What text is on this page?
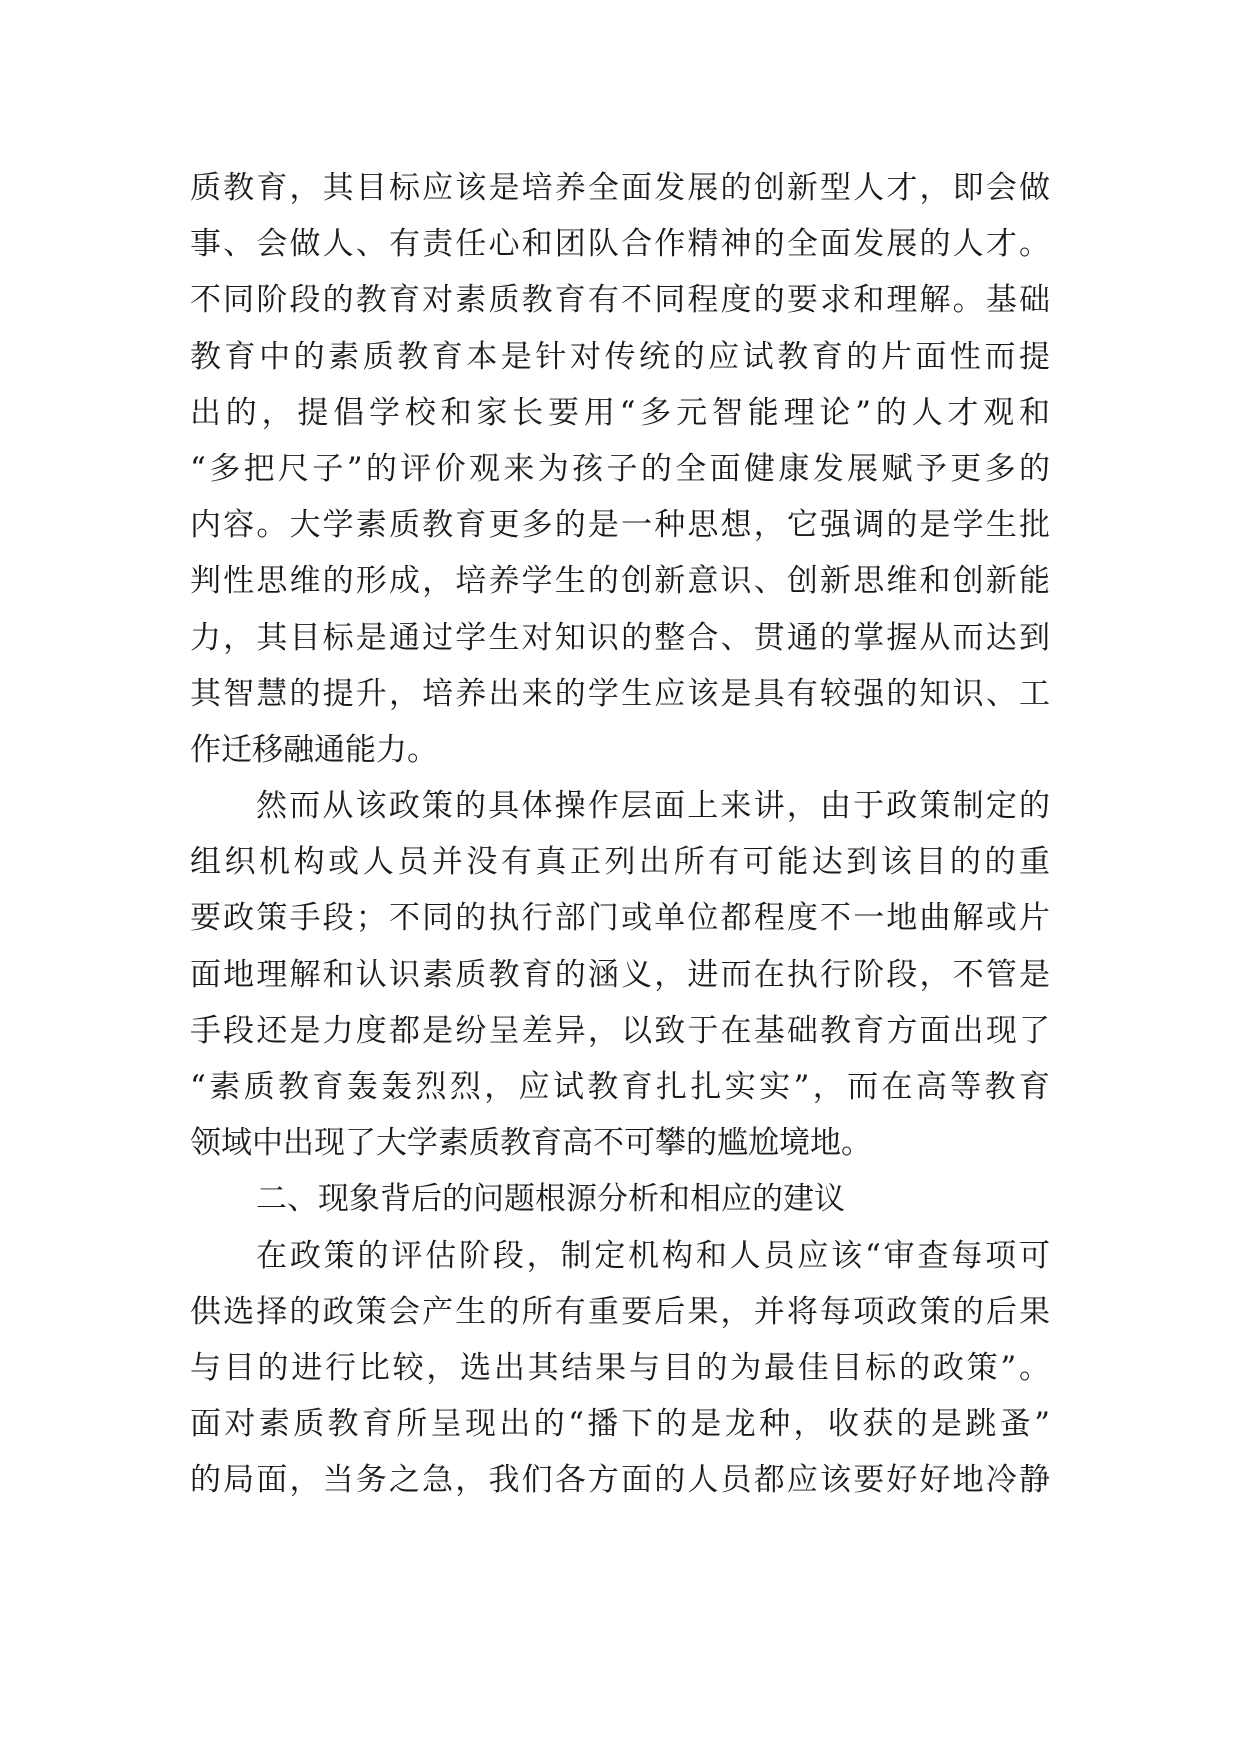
质教育，其目标应该是培养全面发展的创新型人才，即会做
事、会做人、有责任心和团队合作精神的全面发展的人才。
不同阶段的教育对素质教育有不同程度的要求和理解。基础
教育中的素质教育本是针对传统的应试教育的片面性而提
出的，提倡学校和家长要用“多元智能理论”的人才观和
“多把尺子”的评价观来为孩子的全面健康发展赋予更多的
内容。大学素质教育更多的是一种思想，它强调的是学生批
判性思维的形成，培养学生的创新意识、创新思维和创新能
力，其目标是通过学生对知识的整合、贯通的掌握从而达到
其智慧的提升，培养出来的学生应该是具有较强的知识、工
作迁移融通能力。
然而从该政策的具体操作层面上来讲，由于政策制定的
组织机构或人员并没有真正列出所有可能达到该目的的重
要政策手段；不同的执行部门或单位都程度不一地曲解或片
面地理解和认识素质教育的涵义，进而在执行阶段，不管是
手段还是力度都是纷呈差异，以致于在基础教育方面出现了
“素质教育轰轰烈烈，应试教育扎扎实实”，而在高等教育
领域中出现了大学素质教育高不可攀的尴尬境地。
二、现象背后的问题根源分析和相应的建议
在政策的评估阶段，制定机构和人员应该“审查每项可
供选择的政策会产生的所有重要后果，并将每项政策的后果
与目的进行比较，选出其结果与目的为最佳目标的政策”。
面对素质教育所呈现出的“播下的是龙种，收获的是跳蚤”
的局面，当务之急，我们各方面的人员都应该要好好地冷静
